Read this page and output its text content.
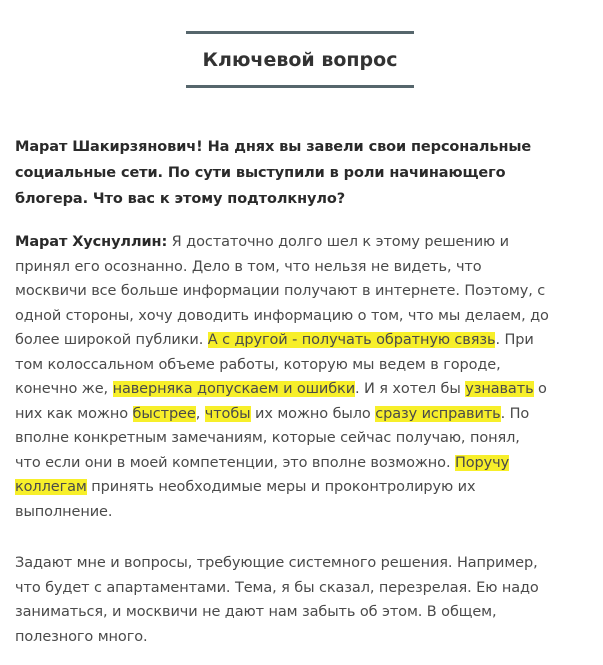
Ключевой вопрос

Марат Шакирзянович! На днях вы завели свои персональные
социальные сети. По сути выступили в роли начинающего
блогера. Что вас к этому подтолкнуло?

Марат Хуснуллин: Я достаточно долго шел к этому решению и
принял его осознанно. Дело в том, что нельзя не видеть, что
москвичи все больше информации получают в интернете. Поэтому, с
одной стороны, хочу доводить информацию о том, что мы делаем, до
более широкой публики. А с другой - получать обратную связь. При
том колоссальном объеме работы, которую мы ведем в городе,
конечно же, наверняка допускаем и ошибки. И я хотел бы узнавать о
них как можно быстрее, чтобы их можно было сразу исправить. По
вполне конкретным замечаниям, которые сейчас получаю, понял,
что если они в моей компетенции, это вполне возможно. Поручу
коллегам принять необходимые меры и проконтролирую их
выполнение.

Задают мне и вопросы, требующие системного решения. Например,
что будет с апартаментами. Тема, я бы сказал, перезрелая. Ею надо
заниматься, и москвичи не дают нам забыть об этом. В общем,
полезного много.
